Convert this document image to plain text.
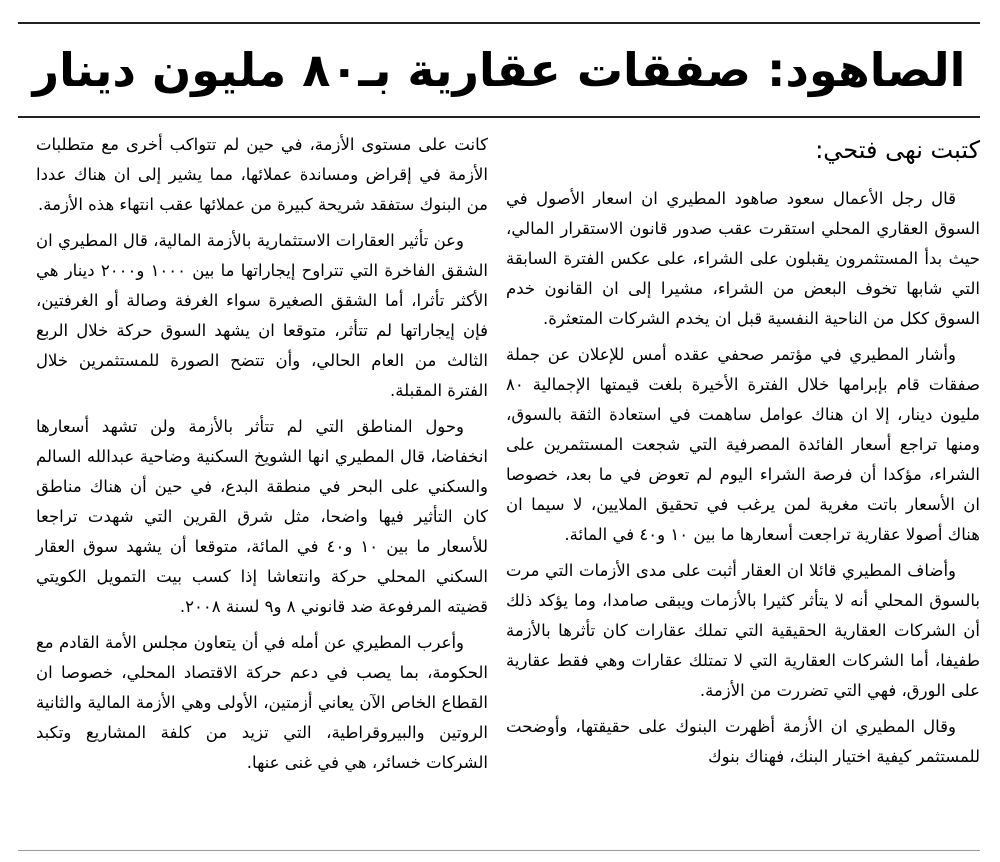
الصاهود: صفقات عقارية بـ٨٠ مليون دينار
كتبت نهى فتحي:

قال رجل الأعمال سعود صاهود المطيري ان اسعار الأصول في السوق العقاري المحلي استقرت عقب صدور قانون الاستقرار المالي، حيث بدأ المستثمرون يقبلون على الشراء، على عكس الفترة السابقة التي شابها تخوف البعض من الشراء، مشيرا إلى ان القانون خدم السوق ككل من الناحية النفسية قبل ان يخدم الشركات المتعثرة.

وأشار المطيري في مؤتمر صحفي عقده أمس للإعلان عن جملة صفقات قام بإبرامها خلال الفترة الأخيرة بلغت قيمتها الإجمالية ٨٠ مليون دينار، إلا ان هناك عوامل ساهمت في استعادة الثقة بالسوق، ومنها تراجع أسعار الفائدة المصرفية التي شجعت المستثمرين على الشراء، مؤكدا أن فرصة الشراء اليوم لم تعوض في ما بعد، خصوصا ان الأسعار باتت مغرية لمن يرغب في تحقيق الملايين، لا سيما ان هناك أصولا عقارية تراجعت أسعارها ما بين ١٠ و٤٠ في المائة.

وأضاف المطيري قائلا ان العقار أثبت على مدى الأزمات التي مرت بالسوق المحلي أنه لا يتأثر كثيرا بالأزمات ويبقى صامدا، وما يؤكد ذلك أن الشركات العقارية الحقيقية التي تملك عقارات كان تأثرها بالأزمة طفيفا، أما الشركات العقارية التي لا تمتلك عقارات وهي فقط عقارية على الورق، فهي التي تضررت من الأزمة.

وقال المطيري ان الأزمة أظهرت البنوك على حقيقتها، وأوضحت للمستثمر كيفية اختيار البنك، فهناك بنوك

كانت على مستوى الأزمة، في حين لم تتواكب أخرى مع متطلبات الأزمة في إقراض ومساندة عملائها، مما يشير إلى ان هناك عددا من البنوك ستفقد شريحة كبيرة من عملائها عقب انتهاء هذه الأزمة.

وعن تأثير العقارات الاستثمارية بالأزمة المالية، قال المطيري ان الشقق الفاخرة التي تتراوح إيجاراتها ما بين ١٠٠٠ و٢٠٠٠ دينار هي الأكثر تأثرا، أما الشقق الصغيرة سواء الغرفة وصالة أو الغرفتين، فإن إيجاراتها لم تتأثر، متوقعا ان يشهد السوق حركة خلال الربع الثالث من العام الحالي، وأن تتضح الصورة للمستثمرين خلال الفترة المقبلة.

وحول المناطق التي لم تتأثر بالأزمة ولن تشهد أسعارها انخفاضا، قال المطيري انها الشويخ السكنية وضاحية عبدالله السالم والسكني على البحر في منطقة البدع، في حين أن هناك مناطق كان التأثير فيها واضحا، مثل شرق القرين التي شهدت تراجعا للأسعار ما بين ١٠ و٤٠ في المائة، متوقعا أن يشهد سوق العقار السكني المحلي حركة وانتعاشا إذا كسب بيت التمويل الكويتي قضيته المرفوعة ضد قانوني ٨ و٩ لسنة ٢٠٠٨.

وأعرب المطيري عن أمله في أن يتعاون مجلس الأمة القادم مع الحكومة، بما يصب في دعم حركة الاقتصاد المحلي، خصوصا ان القطاع الخاص الآن يعاني أزمتين، الأولى وهي الأزمة المالية والثانية الروتين والبيروقراطية، التي تزيد من كلفة المشاريع وتكبد الشركات خسائر، هي في غنى عنها.
